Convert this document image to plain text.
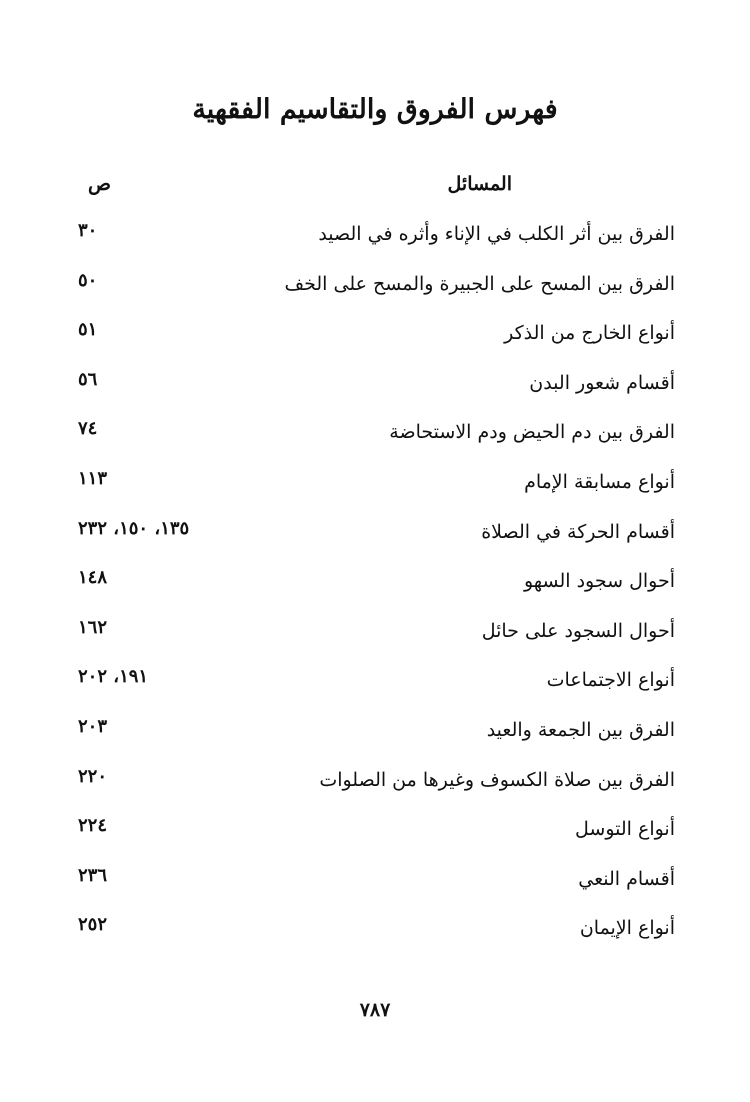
فهرس الفروق والتقاسيم الفقهية
المسائل
ص
الفرق بين أثر الكلب في الإناء وأثره في الصيد
٣٠
الفرق بين المسح على الجبيرة والمسح على الخف
٥٠
أنواع الخارج من الذكر
٥١
أقسام شعور البدن
٥٦
الفرق بين دم الحيض ودم الاستحاضة
٧٤
أنواع مسابقة الإمام
١١٣
أقسام الحركة في الصلاة
١٣٥، ١٥٠، ٢٣٢
أحوال سجود السهو
١٤٨
أحوال السجود على حائل
١٦٢
أنواع الاجتماعات
١٩١، ٢٠٢
الفرق بين الجمعة والعيد
٢٠٣
الفرق بين صلاة الكسوف وغيرها من الصلوات
٢٢٠
أنواع التوسل
٢٢٤
أقسام النعي
٢٣٦
أنواع الإيمان
٢٥٢
٧٨٧
